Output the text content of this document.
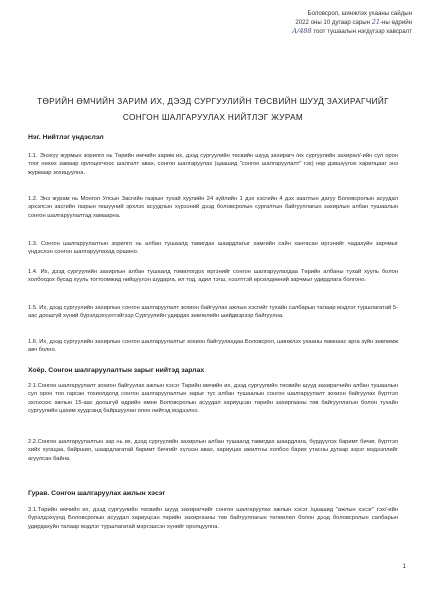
Боловсрол, шинжлэх ухааны сайдын
2022 оны 10 дугаар сарын 21-ны өдрийн
А/488 тоот тушаалын нэгдүгээр хавсралт
ТӨРИЙН ӨМЧИЙН ЗАРИМ ИХ, ДЭЭД СУРГУУЛИЙН ТӨСВИЙН ШУУД ЗАХИРАГЧИЙГ
СОНГОН ШАЛГАРУУЛАХ НИЙТЛЭГ ЖУРАМ
Нэг. Нийтлэг үндэслэл
1.1. Энэхүү журмын зорилго нь Төрийн өмчийн зарим их, дээд сургуулийн төсвийн шууд захирагч /их сургуулийн захирал/-ийн сул орон тоог нөхөх замаар орлоцогчоос шалгалт авах, сонгон шалгаруулах (цаашид "сонгон шалгаруулалт" гэх) нөр дэвшүүлэх харилцааг энэ журмаар зохицуулна.
1.2. Энэ журам нь Монгол Улсын Засгийн газрын тухай хуулийн 24 зүйлийн 1 дэх хэсгийн 4 дэх заалтын дагуу Боловсролын асуудал эрхэлсэн засгийн газрын гишүүний эрхлэх асуудлын хүрээний дээд боловсролын сургалтын байгууллагын захирлын албан тушаалын сонгон шалгаруулалтад хамаарна.
1.3. Сонгон шалгаруулалтын зорилго нь албан тушаалд тавигдах шаардлагыг хамгийн сайн хангасан иргэнийг чадахуйн зарчмыг үндэслэн сонгон шалгаруулахад оршино.
1.4. Их, дээд сургуулийн захирлын албан тушаалд томилогдох иргэнийг сонгон шалгаруулахдаа Төрийн албаны тухай хууль болон холбогдох бусад хууль тогтоомжид нийцүүлэн шударга, ил тод, адил тэгш, нээлттэй өрсөлдөөний зарчмыг удирдлага болгоно.
1.5. Их, дээд сургуулийн захирлын сонгон шалгаруулалт зохион байгуулах ажлын хэсгийг тухайн салбарын талаар мэдлэг туршлагатай 5-аас доошгүй хүний бүрэлдэхүүнтэйгээр Сургуулийн удирдах зөвлөлийн шийдвэрээр байгуулна.
1.6. Их, дээд сургуулийн захирлын сонгон шалгаруулалтыг зохион байгуулахдаа Боловсрол, шинжлэх ухааны яамнаас арга зүйн зөвлөмж авч болно.
Хоёр. Сонгон шалгаруулалтын зарыг нийтэд зарлах
2.1.Сонгон шалгаруулалт зохион байгуулах ажлын хэсэг Төрийн өмчийн их, дээд сургуулийн төсвийн шууд захирагчийн албан тушаалын сул орон тоо гарсан тохиолдолд сонгон шалгаруулалтын зарыг тус албан тушаалын сонгон шалгаруулалт зохион байгуулах бүртгэл эхлэхээс ажлын 15-аас доошгүй өдрийн өмнө Боловсролын асуудал хариуцсан төрийн захиргааны төв байгууллагын болон тухайн сургуулийн цахим хуудсанд байршуулан олон нийтэд мэдээлнэ.
2.2.Сонгон шалгаруулалтын зар нь их, дээд сургуулийн захирлын албан тушаалд тавигдах шаардлага, бүрдүүлэх баримт бичиг, бүртгэл хийх хугацаа, байршил, шаардлагатай баримт бичгийг хүлээн авах, хариуцах ажилтны холбоо барих утасны дугаар зэрэг мэдээллийг агуулсан байна.
Гурав. Сонгон шалгаруулах ажлын хэсэг
3.1.Төрийн өмчийн их, дээд сургуулийн төсвийн шууд захирагчийг сонгон шалгаруулах ажлын хэсэг /цаашид "ажлын хэсэг" гэх/-ийн бүрэлдэхүүнд Боловсролын асуудал хариуцсан төрийн захиргааны төв байгууллагын төлөөлөл болон дээд боловсролын салбарын удирдахуйн талаар мэдлэг туршлагатай мэргэшсэн хүнийг оролцуулна.
1
